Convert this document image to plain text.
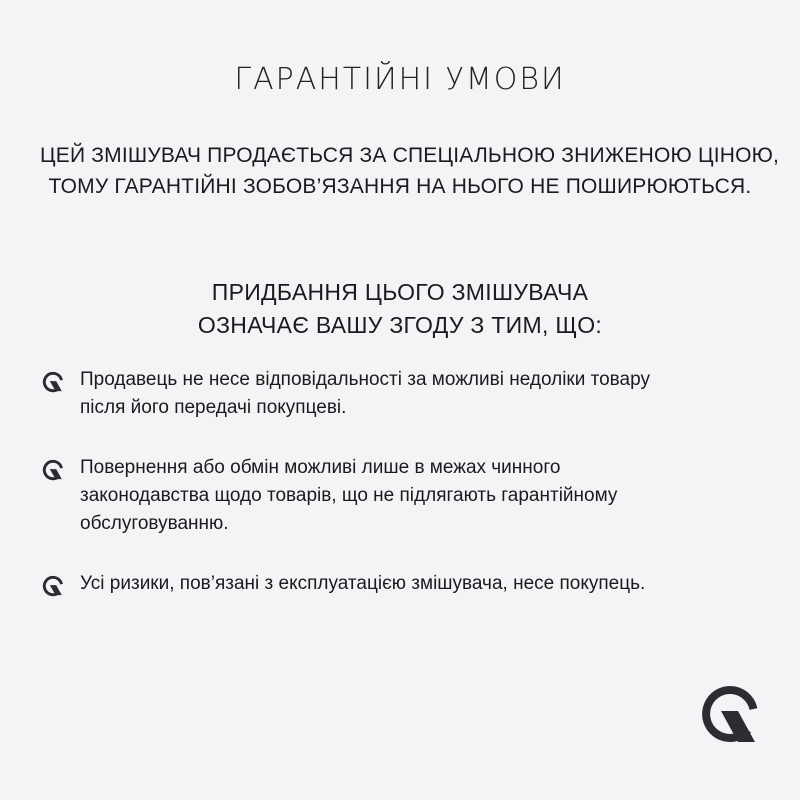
ГАРАНТІЙНІ УМОВИ
ЦЕЙ ЗМІШУВАЧ ПРОДАЄТЬСЯ ЗА СПЕЦІАЛЬНОЮ ЗНИЖЕНОЮ ЦІНОЮ,
ТОМУ ГАРАНТІЙНІ ЗОБОВ’ЯЗАННЯ НА НЬОГО НЕ ПОШИРЮЮТЬСЯ.
ПРИДБАННЯ ЦЬОГО ЗМІШУВАЧА
ОЗНАЧАЄ ВАШУ ЗГОДУ З ТИМ, ЩО:
Продавець не несе відповідальності за можливі недоліки товару
після його передачі покупцеві.
Повернення або обмін можливі лише в межах чинного
законодавства щодо товарів, що не підлягають гарантійному
обслуговуванню.
Усі ризики, пов’язані з експлуатацією змішувача, несе покупець.
